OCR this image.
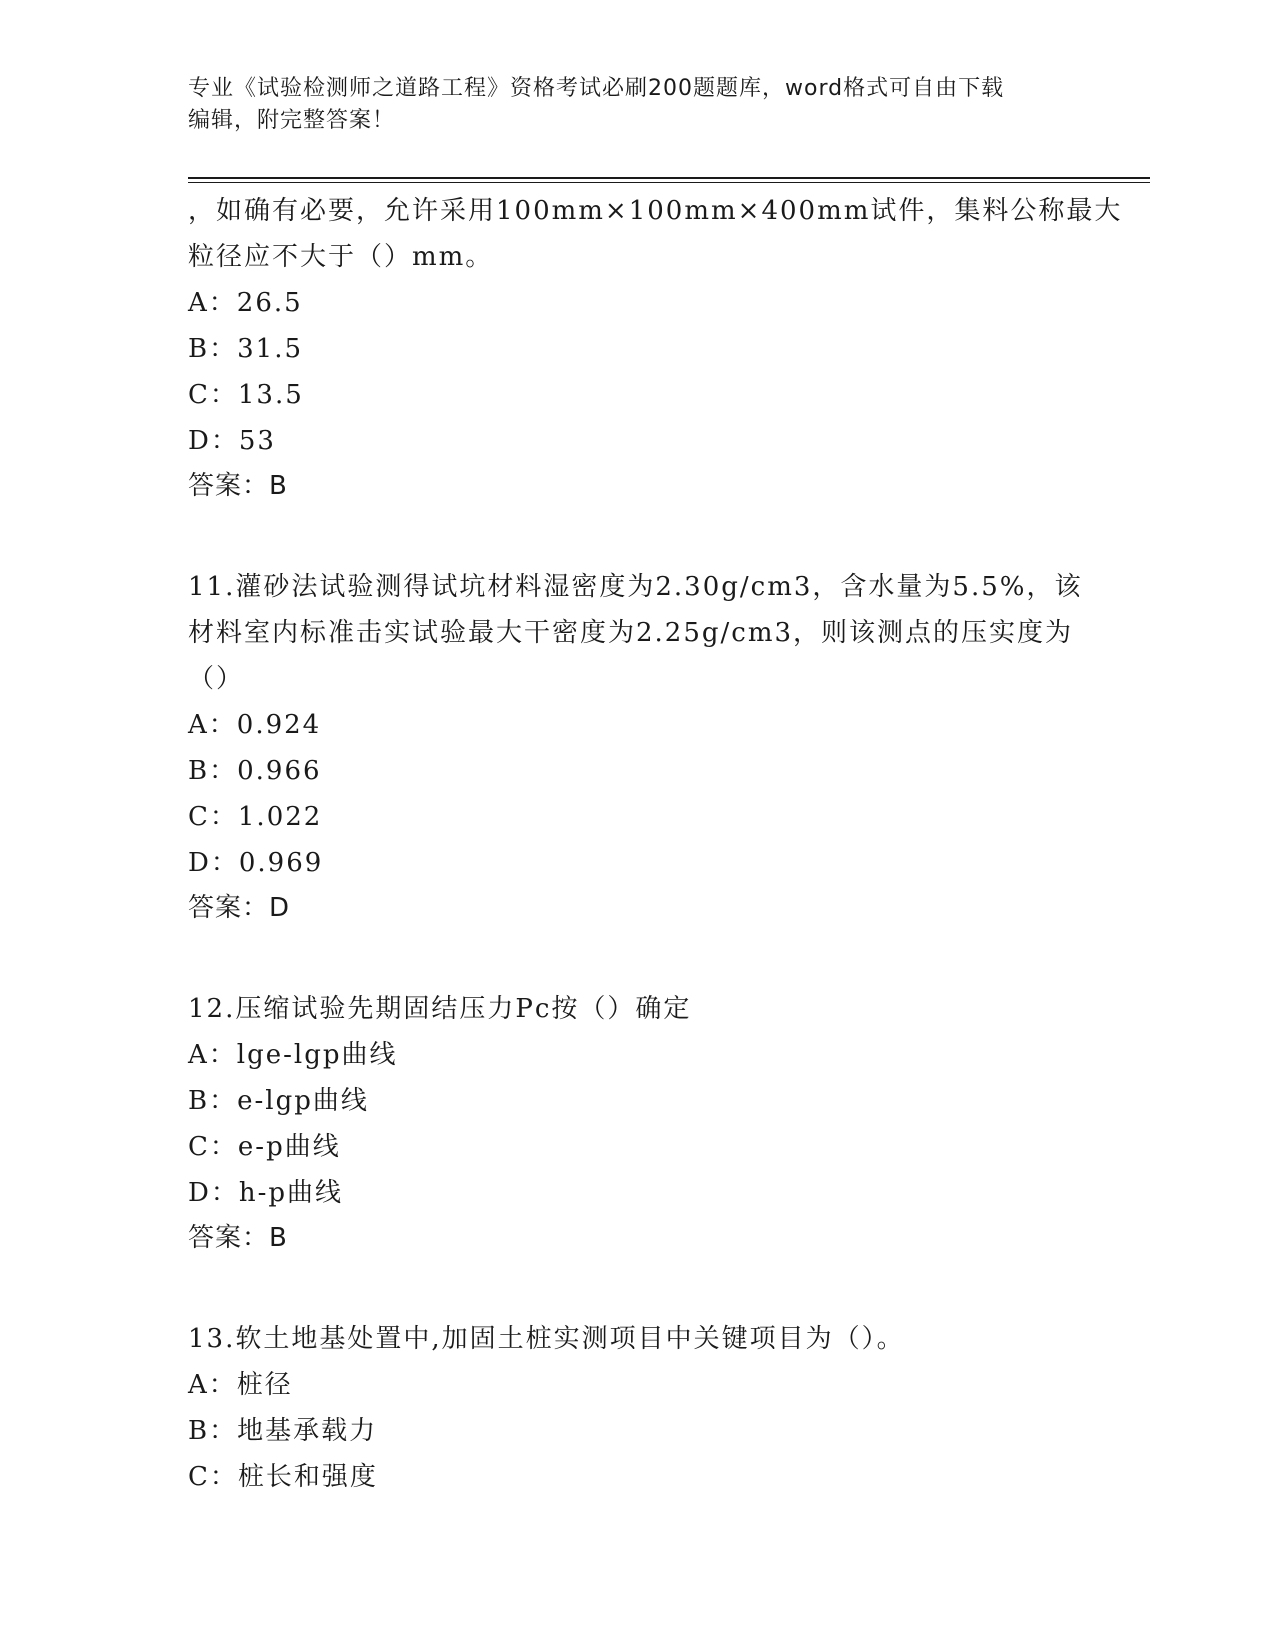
专业《试验检测师之道路工程》资格考试必刷200题题库，word格式可自由下载
编辑，附完整答案！
，如确有必要，允许采用100mm×100mm×400mm试件，集料公称最大
粒径应不大于（）mm。
A：26.5
B：31.5
C：13.5
D：53
答案：B
11.灌砂法试验测得试坑材料湿密度为2.30g/cm3，含水量为5.5%，该
材料室内标准击实试验最大干密度为2.25g/cm3，则该测点的压实度为
（）
A：0.924
B：0.966
C：1.022
D：0.969
答案：D
12.压缩试验先期固结压力Pc按（）确定
A：lge-lgp曲线
B：e-lgp曲线
C：e-p曲线
D：h-p曲线
答案：B
13.软土地基处置中,加固土桩实测项目中关键项目为（）。
A：桩径
B：地基承载力
C：桩长和强度
